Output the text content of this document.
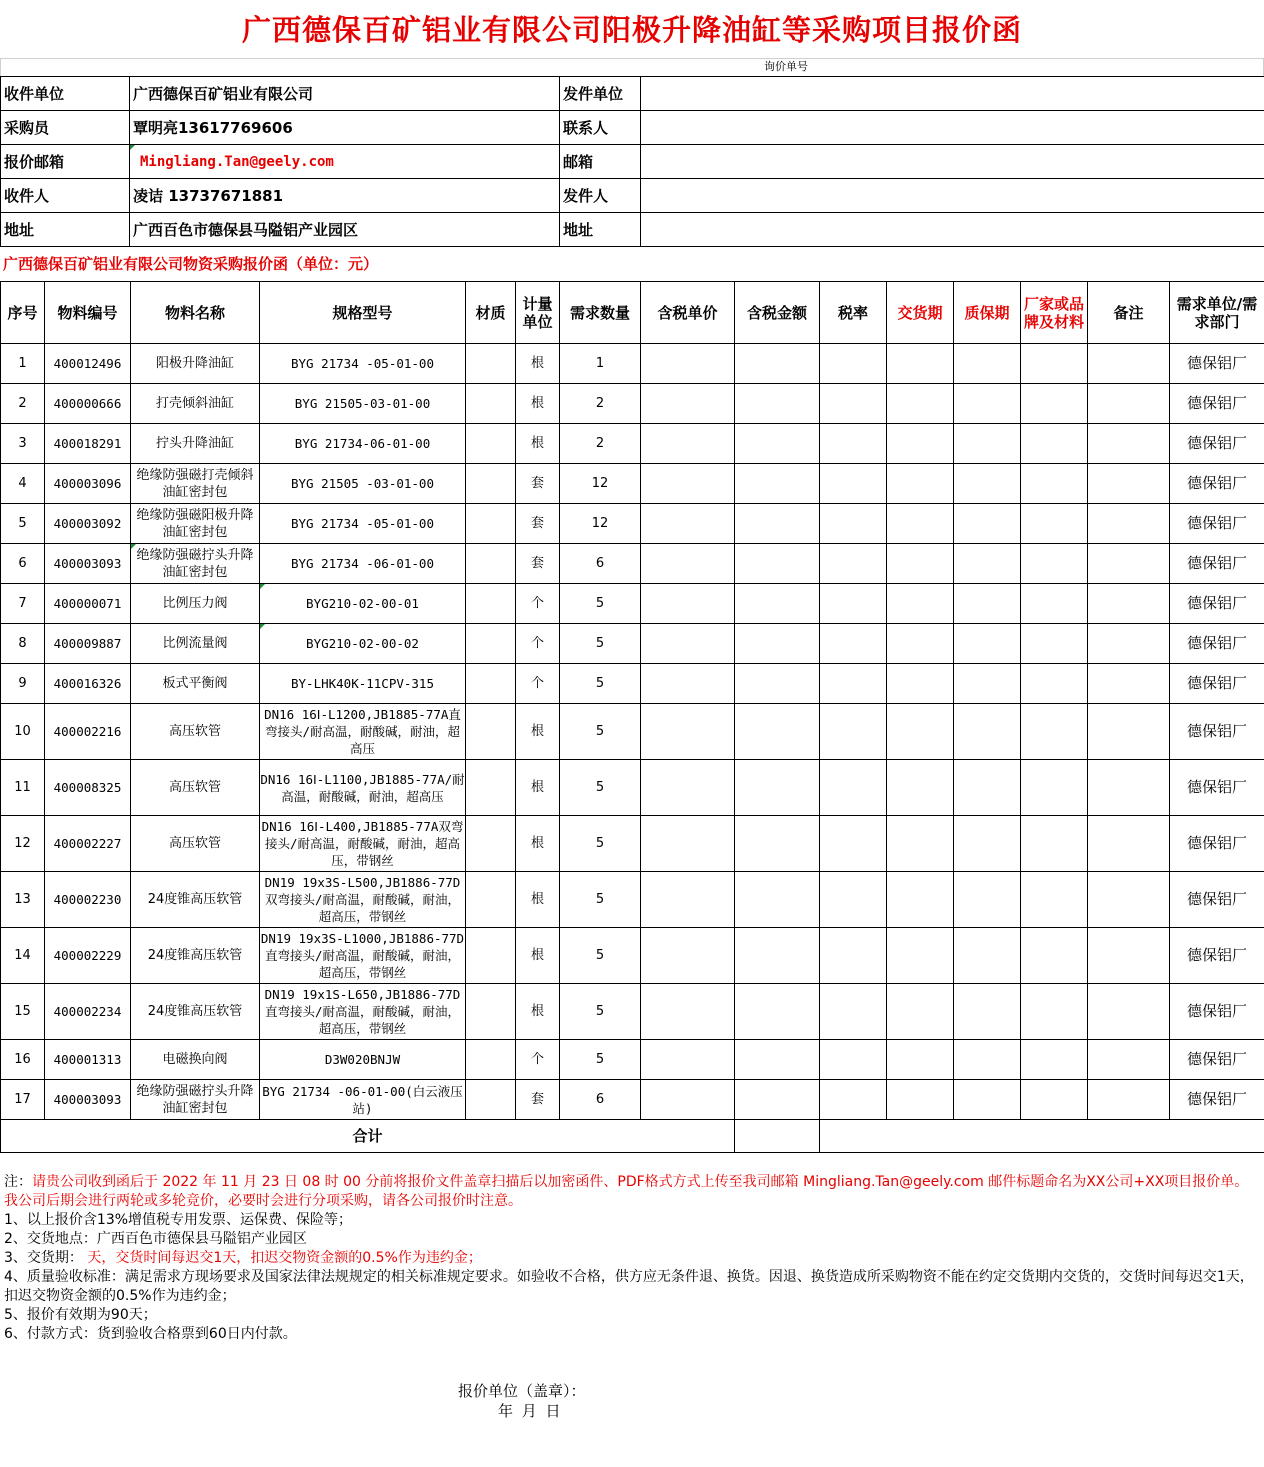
广西德保百矿铝业有限公司阳极升降油缸等采购项目报价函
询价单号
收件单位	广西德保百矿铝业有限公司	发件单位	
采购员	覃明亮13617769606	联系人	
报价邮箱	Mingliang.Tan@geely.com	邮箱	
收件人	凌诘 13737671881	发件人	
地址	广西百色市德保县马隘铝产业园区	地址	
广西德保百矿铝业有限公司物资采购报价函（单位：元）
序号	物料编号	物料名称	规格型号	材质	计量单位	需求数量	含税单价	含税金额	税率	交货期	质保期	厂家或品牌及材料	备注	需求单位/需求部门
1	400012496	阳极升降油缸	BYG 21734 -05-01-00		根	1								德保铝厂
2	400000666	打壳倾斜油缸	BYG 21505-03-01-00		根	2								德保铝厂
3	400018291	拧头升降油缸	BYG 21734-06-01-00		根	2								德保铝厂
4	400003096	绝缘防强磁打壳倾斜油缸密封包	BYG 21505 -03-01-00		套	12								德保铝厂
5	400003092	绝缘防强磁阳极升降油缸密封包	BYG 21734 -05-01-00		套	12								德保铝厂
6	400003093	绝缘防强磁拧头升降油缸密封包	BYG 21734 -06-01-00		套	6								德保铝厂
7	400000071	比例压力阀	BYG210-02-00-01		个	5								德保铝厂
8	400009887	比例流量阀	BYG210-02-00-02		个	5								德保铝厂
9	400016326	板式平衡阀	BY-LHK40K-11CPV-315		个	5								德保铝厂
10	400002216	高压软管	DN16 16Ⅰ-L1200,JB1885-77A直弯接头/耐高温，耐酸碱，耐油，超高压		根	5								德保铝厂
11	400008325	高压软管	DN16 16Ⅰ-L1100,JB1885-77A/耐高温，耐酸碱，耐油，超高压		根	5								德保铝厂
12	400002227	高压软管	DN16 16Ⅰ-L400,JB1885-77A双弯接头/耐高温，耐酸碱，耐油，超高压，带钢丝		根	5								德保铝厂
13	400002230	24度锥高压软管	DN19 19x3S-L500,JB1886-77D 双弯接头/耐高温，耐酸碱，耐油，超高压，带钢丝		根	5								德保铝厂
14	400002229	24度锥高压软管	DN19 19x3S-L1000,JB1886-77D 直弯接头/耐高温，耐酸碱，耐油，超高压，带钢丝		根	5								德保铝厂
15	400002234	24度锥高压软管	DN19 19x1S-L650,JB1886-77D 直弯接头/耐高温，耐酸碱，耐油，超高压，带钢丝		根	5								德保铝厂
16	400001313	电磁换向阀	D3W020BNJW		个	5								德保铝厂
17	400003093	绝缘防强磁拧头升降油缸密封包	BYG 21734 -06-01-00(白云液压站)		套	6								德保铝厂
合计														
注：请贵公司收到函后于 2022 年 11 月 23 日 08 时 00 分前将报价文件盖章扫描后以加密函件、PDF格式方式上传至我司邮箱 Mingliang.Tan@geely.com 邮件标题命名为XX公司+XX项目报价单。我公司后期会进行两轮或多轮竞价，必要时会进行分项采购，请各公司报价时注意。
1、以上报价含13%增值税专用发票、运保费、保险等；
2、交货地点：广西百色市德保县马隘铝产业园区
3、交货期： 天，交货时间每迟交1天，扣迟交物资金额的0.5%作为违约金；
4、质量验收标准：满足需求方现场要求及国家法律法规规定的相关标准规定要求。如验收不合格，供方应无条件退、换货。因退、换货造成所采购物资不能在约定交货期内交货的，交货时间每迟交1天，扣迟交物资金额的0.5%作为违约金；
5、报价有效期为90天；
6、付款方式：货到验收合格票到60日内付款。
报价单位（盖章）：
年 月 日
